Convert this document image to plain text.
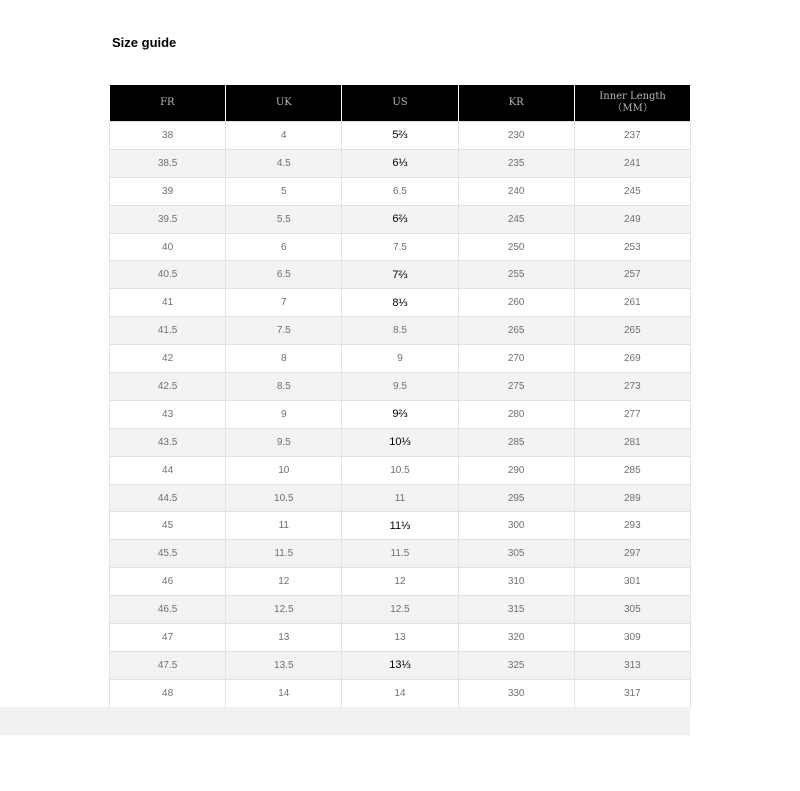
Size guide
FR	UK	US	KR	Inner Length
（MM）

38	4	5⅔	230	237
38.5	4.5	6⅓	235	241
39	5	6.5	240	245
39.5	5.5	6⅔	245	249
40	6	7.5	250	253
40.5	6.5	7⅔	255	257
41	7	8⅓	260	261
41.5	7.5	8.5	265	265
42	8	9	270	269
42.5	8.5	9.5	275	273
43	9	9⅔	280	277
43.5	9.5	10⅓	285	281
44	10	10.5	290	285
44.5	10.5	11	295	289
45	11	11⅓	300	293
45.5	11.5	11.5	305	297
46	12	12	310	301
46.5	12.5	12.5	315	305
47	13	13	320	309
47.5	13.5	13⅓	325	313
48	14	14	330	317
